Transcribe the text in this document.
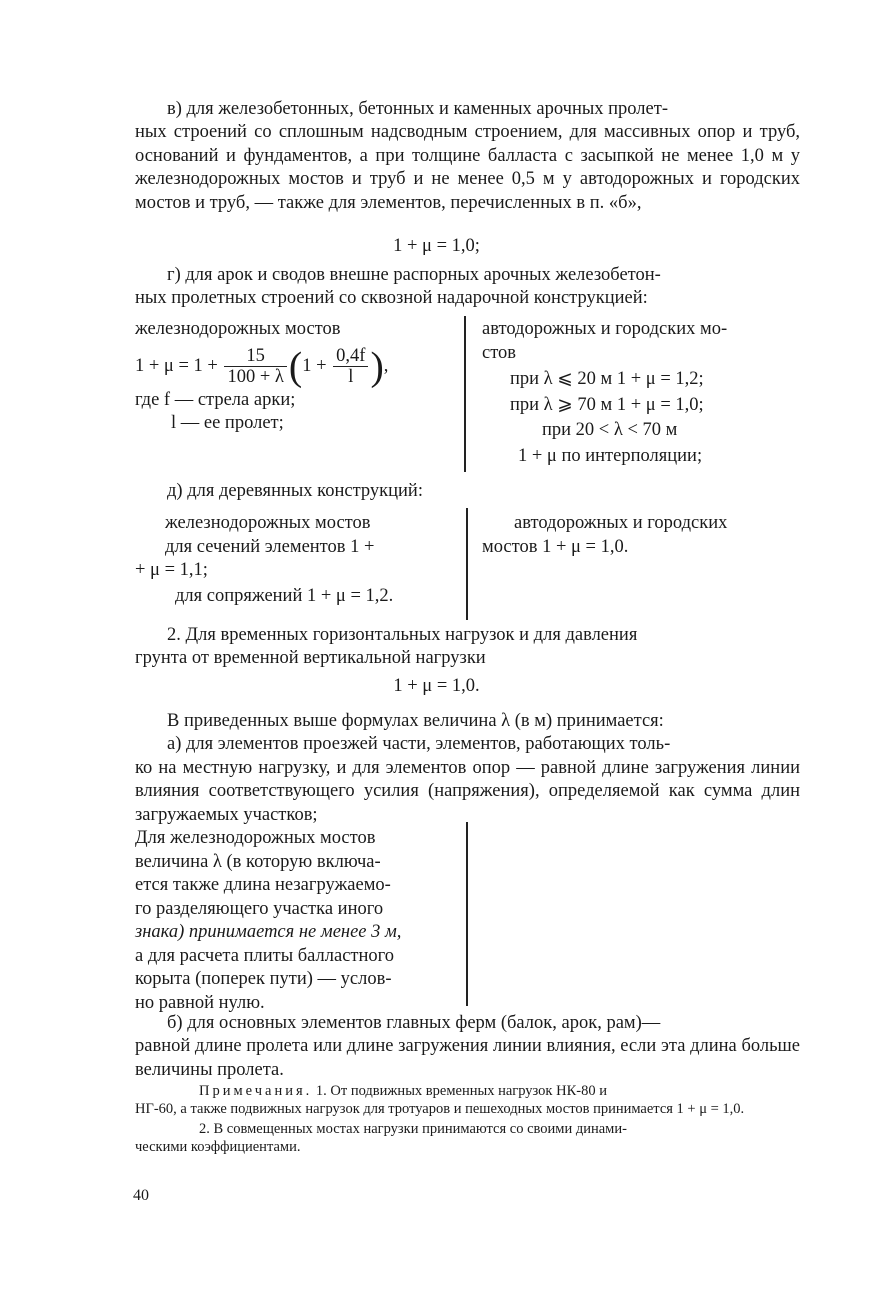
в) для железобетонных, бетонных и каменных арочных пролет-
ных строений со сплошным надсводным строением, для массивных опор и труб, оснований и фундаментов, а при толщине балласта с засыпкой не менее 1,0 м у железнодорожных мостов и труб и не менее 0,5 м у автодорожных и городских мостов и труб, — также для элементов, перечисленных в п. «б»,
1 + μ = 1,0;
г) для арок и сводов внешне распорных арочных железобетон-
ных пролетных строений со сквозной надарочной конструкцией:
железнодорожных мостов
$1 + \mu = 1 + \frac{15}{100 + \lambda} (1 + \frac{0,4f}{l}$ ),
где f — стрела арки;
l — ее пролет;
автодорожных и городских мо-
стов
при λ ⩽ 20 м 1 + μ = 1,2;
при λ ⩾ 70 м 1 + μ = 1,0;
при 20 < λ < 70 м
1 + μ по интерполяции;
д) для деревянных конструкций:
железнодорожных мостов
для сечений элементов 1 +
+ μ = 1,1;
для сопряжений 1 + μ = 1,2.
автодорожных и городских
мостов 1 + μ = 1,0.
2. Для временных горизонтальных нагрузок и для давления
грунта от временной вертикальной нагрузки
1 + μ = 1,0.
В приведенных выше формулах величина λ (в м) принимается:
а) для элементов проезжей части, элементов, работающих толь-
ко на местную нагрузку, и для элементов опор — равной длине загружения линии влияния соответствующего усилия (напряжения), определяемой как сумма длин загружаемых участков;
Для железнодорожных мостов
величина λ (в которую включа-
ется также длина незагружаемо-
го разделяющего участка иного
знака) принимается не менее 3 м,
а для расчета плиты балластного
корыта (поперек пути) — услов-
но равной нулю.
б) для основных элементов главных ферм (балок, арок, рам)—
равной длине пролета или длине загружения линии влияния, если эта длина больше величины пролета.
Примечания. 1. От подвижных временных нагрузок НК-80 и
НГ-60, а также подвижных нагрузок для тротуаров и пешеходных мостов принимается 1 + μ = 1,0.
2. В совмещенных мостах нагрузки принимаются со своими динами-
ческими коэффициентами.
40
